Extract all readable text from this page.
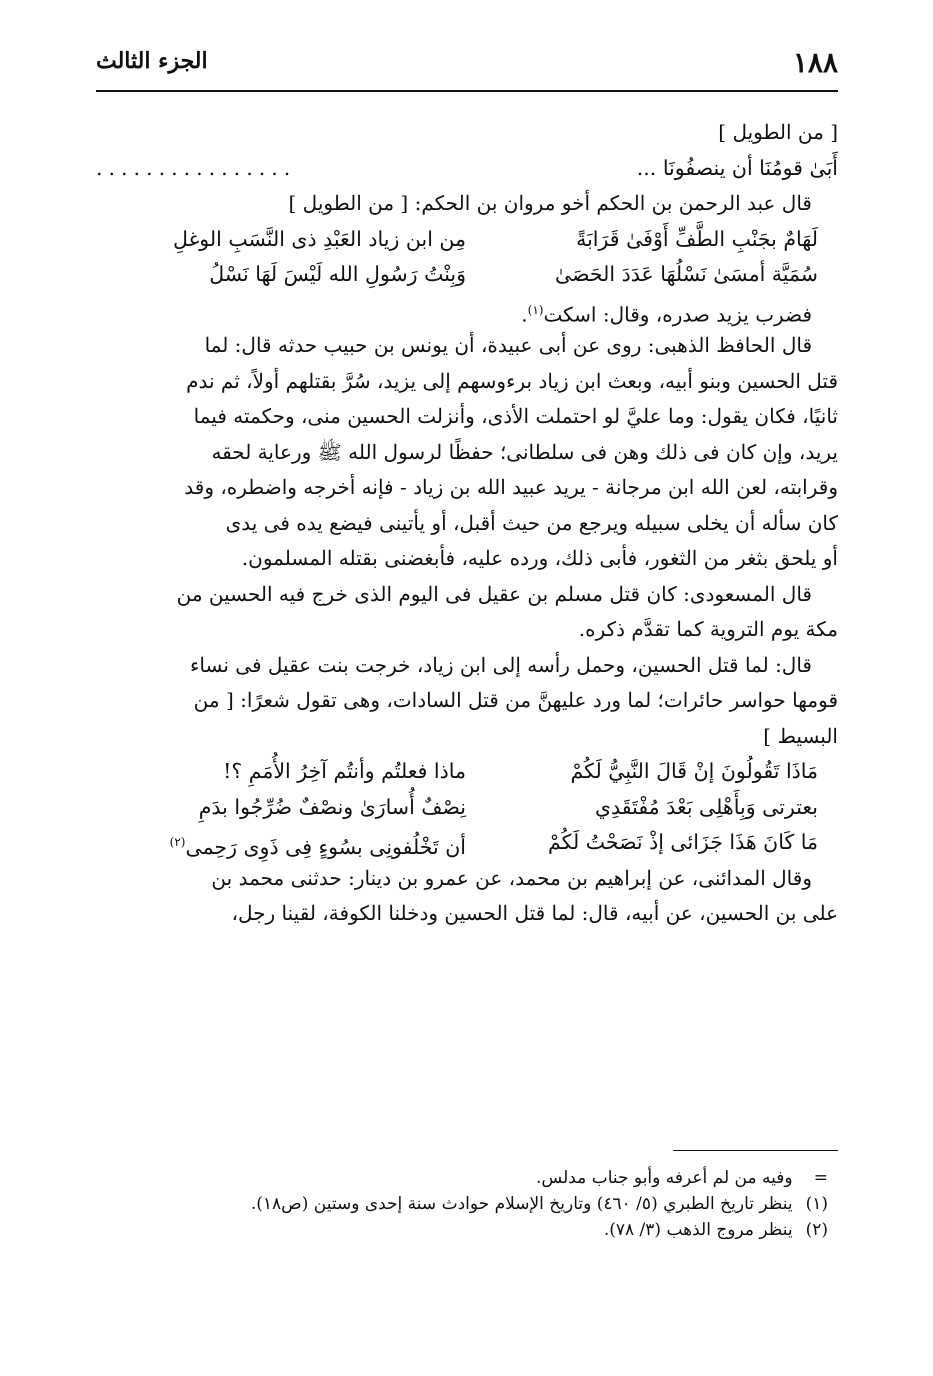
١٨٨
الجزء الثالث
[ من الطويل ]
أَبَىٰ قومُنَا أن ينصفُونَا ...
................
قال عبد الرحمن بن الحكم أخو مروان بن الحكم: [ من الطويل ]
لَهَامٌ بجَنْبِ الطَّفِّ أَوْفَىٰ قَرَابَةً
مِن ابن زياد العَبْدِ ذى النَّسَبِ الوغلِ
سُمَيَّة أمسَىٰ نَسْلُهَا عَدَدَ الحَصَىٰ
وَبِنْتُ رَسُولِ الله لَيْسَ لَهَا نَسْلُ
فضرب يزيد صدره، وقال: اسكت$^{(١)}$.
قال الحافظ الذهبى: روى عن أبى عبيدة، أن يونس بن حبيب حدثه قال: لما
قتل الحسين وبنو أبيه، وبعث ابن زياد برءوسهم إلى يزيد، سُرَّ بقتلهم أولاً، ثم ندم
ثانيًا، فكان يقول: وما عليَّ لو احتملت الأذى، وأنزلت الحسين منى، وحكمته فيما
يريد، وإن كان فى ذلك وهن فى سلطانى؛ حفظًا لرسول الله ﷺ ورعاية لحقه
وقرابته، لعن الله ابن مرجانة - يريد عبيد الله بن زياد - فإنه أخرجه واضطره، وقد
كان سأله أن يخلى سبيله ويرجع من حيث أقبل، أو يأتينى فيضع يده فى يدى
أو يلحق بثغر من الثغور، فأبى ذلك، ورده عليه، فأبغضنى بقتله المسلمون.
قال المسعودى: كان قتل مسلم بن عقيل فى اليوم الذى خرج فيه الحسين من
مكة يوم التروية كما تقدَّم ذكره.
قال: لما قتل الحسين، وحمل رأسه إلى ابن زياد، خرجت بنت عقيل فى نساء
قومها حواسر حائرات؛ لما ورد عليهنَّ من قتل السادات، وهى تقول شعرًا: [ من
البسيط ]
مَاذَا تَقُولُونَ إنْ قَالَ النَّبِيُّ لَكُمْ
ماذا فعلتُم وأنتُم آخِرُ الأُمَمِ ؟!
بعترتى وَبِأَهْلِى بَعْدَ مُفْتَقَدِي
نِصْفٌ أُسارَىٰ ونصْفٌ ضُرِّجُوا بدَمِ
مَا كَانَ هَذَا جَزَائى إذْ نَصَحْتُ لَكُمْ
أن تَخْلُفونِى بسُوءٍ فِى ذَوِى رَحِمى$^{(٢)}$
وقال المدائنى، عن إبراهيم بن محمد، عن عمرو بن دينار: حدثنى محمد بن
على بن الحسين، عن أبيه، قال: لما قتل الحسين ودخلنا الكوفة، لقينا رجل،
= وفيه من لم أعرفه وأبو جناب مدلس.
(١) ينظر تاريخ الطبري (٥/ ٤٦٠) وتاريخ الإسلام حوادث سنة إحدى وستين (ص١٨).
(٢) ينظر مروج الذهب (٣/ ٧٨).
